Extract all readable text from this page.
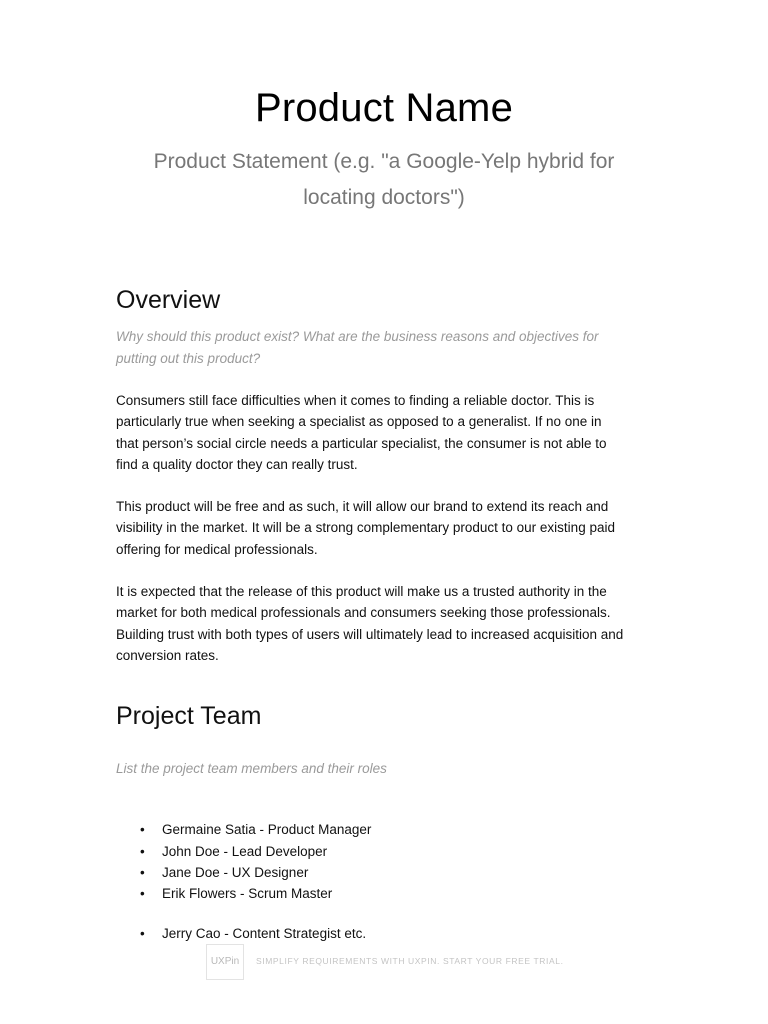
Product Name
Product Statement (e.g. "a Google-Yelp hybrid for
locating doctors")
Overview
Why should this product exist? What are the business reasons and objectives for
putting out this product?
Consumers still face difficulties when it comes to finding a reliable doctor. This is
particularly true when seeking a specialist as opposed to a generalist. If no one in
that person’s social circle needs a particular specialist, the consumer is not able to
find a quality doctor they can really trust.
This product will be free and as such, it will allow our brand to extend its reach and
visibility in the market. It will be a strong complementary product to our existing paid
offering for medical professionals.
It is expected that the release of this product will make us a trusted authority in the
market for both medical professionals and consumers seeking those professionals.
Building trust with both types of users will ultimately lead to increased acquisition and
conversion rates.
Project Team
List the project team members and their roles
• Germaine Satia - Product Manager
• John Doe - Lead Developer
• Jane Doe - UX Designer
• Erik Flowers - Scrum Master
• Jerry Cao - Content Strategist etc.
UXPin	SIMPLIFY REQUIREMENTS WITH UXPIN. START YOUR FREE TRIAL.
